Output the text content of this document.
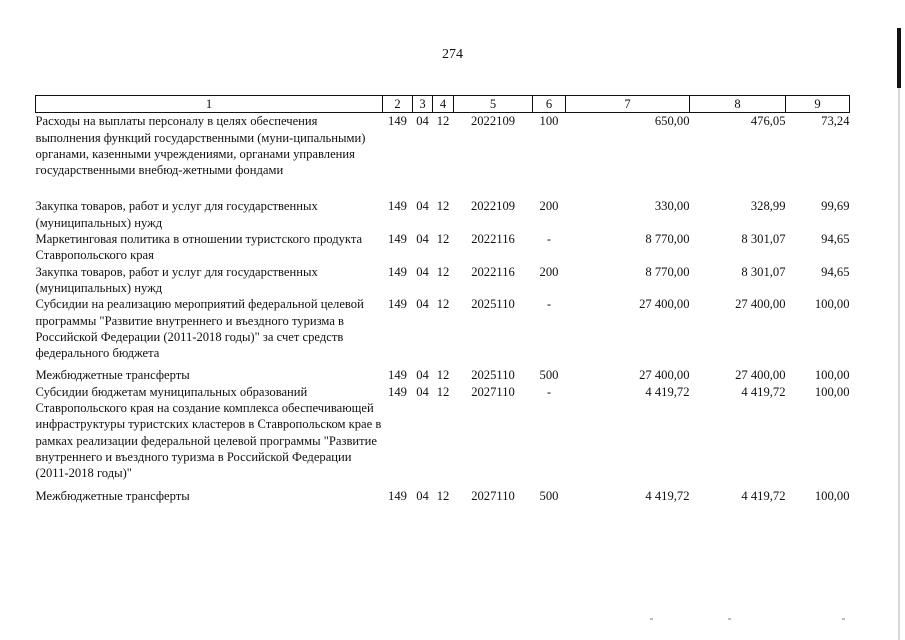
274
1	2	3	4	5	6	7	8	9
Расходы на выплаты персоналу в целях обеспечения выполнения функций государственными (муни-ципальными) органами, казенными учреждениями, органами управления государственными внебюд-жетными фондами	149	04	12	2022109	100	650,00	476,05	73,24

Закупка товаров, работ и услуг для государственных (муниципальных) нужд	149	04	12	2022109	200	330,00	328,99	99,69
Маркетинговая политика в отношении туристского продукта Ставропольского края	149	04	12	2022116	-	8 770,00	8 301,07	94,65
Закупка товаров, работ и услуг для государственных (муниципальных) нужд	149	04	12	2022116	200	8 770,00	8 301,07	94,65
Субсидии на реализацию мероприятий федеральной целевой программы "Развитие внутреннего и въездного туризма в Российской Федерации (2011-2018 годы)" за счет средств федерального бюджета	149	04	12	2025110	-	27 400,00	27 400,00	100,00

Межбюджетные трансферты	149	04	12	2025110	500	27 400,00	27 400,00	100,00
Субсидии бюджетам муниципальных образований Ставропольского края на создание комплекса обеспечивающей инфраструктуры туристских кластеров в Ставропольском крае в рамках реализации федеральной целевой программы "Развитие внутреннего и въездного туризма в Российской Федерации (2011-2018 годы)"	149	04	12	2027110	-	4 419,72	4 419,72	100,00

Межбюджетные трансферты	149	04	12	2027110	500	4 419,72	4 419,72	100,00
